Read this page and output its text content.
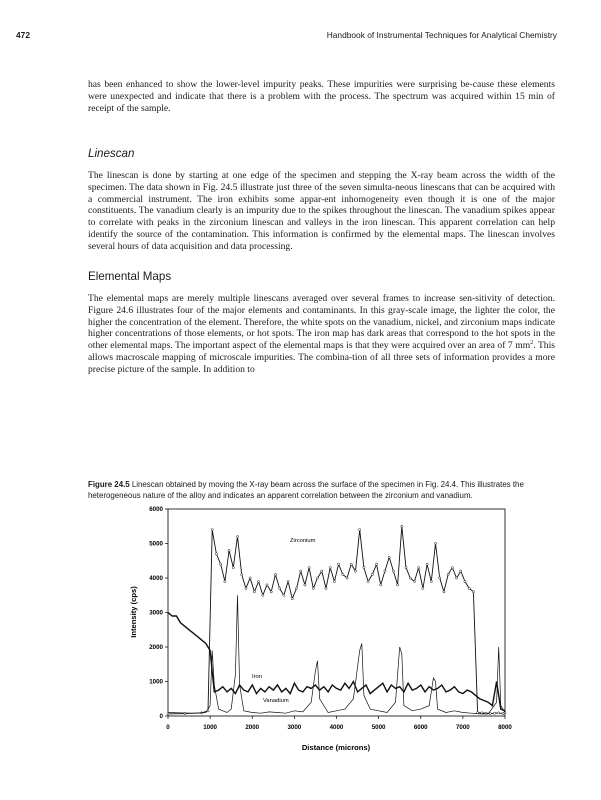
472	Handbook of Instrumental Techniques for Analytical Chemistry

has been enhanced to show the lower-level impurity peaks. These impurities were surprising be-cause these elements were unexpected and indicate that there is a problem with the process. The spectrum was acquired within 15 min of receipt of the sample.

Linescan

The linescan is done by starting at one edge of the specimen and stepping the X-ray beam across the width of the specimen. The data shown in Fig. 24.5 illustrate just three of the seven simulta-neous linescans that can be acquired with a commercial instrument. The iron exhibits some appar-ent inhomogeneity even though it is one of the major constituents. The vanadium clearly is an impurity due to the spikes throughout the linescan. The vanadium spikes appear to correlate with peaks in the zirconium linescan and valleys in the iron linescan. This apparent correlation can help identify the source of the contamination. This information is confirmed by the elemental maps. The linescan involves several hours of data acquisition and data processing.

Elemental Maps

The elemental maps are merely multiple linescans averaged over several frames to increase sen-sitivity of detection. Figure 24.6 illustrates four of the major elements and contaminants. In this gray-scale image, the lighter the color, the higher the concentration of the element. Therefore, the white spots on the vanadium, nickel, and zirconium maps indicate higher concentrations of those elements, or hot spots. The iron map has dark areas that correspond to the hot spots in the other elemental maps. The important aspect of the elemental maps is that they were acquired over an area of 7 $mm^2$. This allows macroscale mapping of microscale impurities. The combina-tion of all three sets of information provides a more precise picture of the sample. In addition to

Figure 24.5 Linescan obtained by moving the X-ray beam across the surface of the specimen in Fig. 24.4. This illustrates the heterogeneous nature of the alloy and indicates an apparent correlation between the zirconium and vanadium.

0
1000
2000
3000
4000
5000
6000
0	1000	2000	3000	4000	5000	6000	7000	8000
Distance (microns)
Intensity (cps)
Zirconium
Iron
Vanadium
